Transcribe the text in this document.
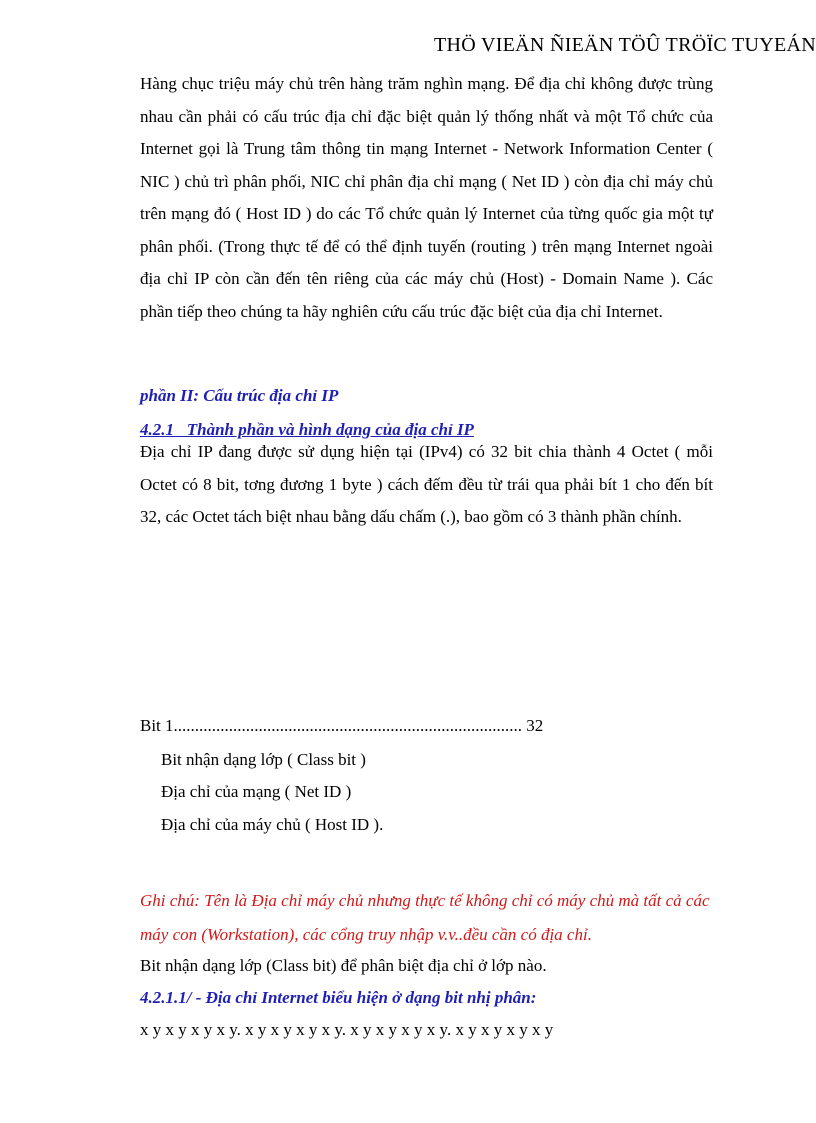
THÖ VIEÄN ÑIEÄN TÖÛ TRÖÏC TUYEÁN

Hàng chục triệu máy chủ trên hàng trăm nghìn mạng. Để địa chỉ không được trùng nhau cần phải có cấu trúc địa chỉ đặc biệt quản lý thống nhất và một Tổ chức của Internet gọi là Trung tâm thông tin mạng Internet - Network Information Center ( NIC ) chủ trì phân phối, NIC chỉ phân địa chỉ mạng ( Net ID ) còn địa chỉ máy chủ trên mạng đó ( Host ID ) do các Tổ chức quản lý Internet của từng quốc gia một tự phân phối. (Trong thực tế để có thể định tuyến (routing ) trên mạng Internet ngoài địa chỉ IP còn cần đến tên riêng của các máy chủ (Host) - Domain Name ). Các phần tiếp theo chúng ta hãy nghiên cứu cấu trúc đặc biệt của địa chỉ Internet.

phần II: Cấu trúc địa chỉ IP
4.2.1   Thành phần và hình dạng của địa chỉ IP

Địa chỉ IP đang được sử dụng hiện tại (IPv4) có 32 bit chia thành 4 Octet ( mỗi Octet có 8 bit, tơng đương 1 byte ) cách đếm đều từ trái qua phải bít 1 cho đến bít 32, các Octet tách biệt nhau bằng dấu chấm (.), bao gồm có 3 thành phần chính.

Bit 1.................................................................................. 32
Bit nhận dạng lớp ( Class bit )
Địa chỉ của mạng ( Net ID )
Địa chỉ của máy chủ ( Host ID ).
Ghi chú: Tên là Địa chỉ máy chủ nhưng thực tế không chỉ có máy chủ mà tất cả các máy con (Workstation), các cổng truy nhập v.v..đều cần có địa chỉ.
Bit nhận dạng lớp (Class bit) để phân biệt địa chỉ ở lớp nào.
4.2.1.1/ - Địa chỉ Internet biểu hiện ở dạng bit nhị phân:
x y x y x y x y. x y x y x y x y. x y x y x y x y. x y x y x y x y
